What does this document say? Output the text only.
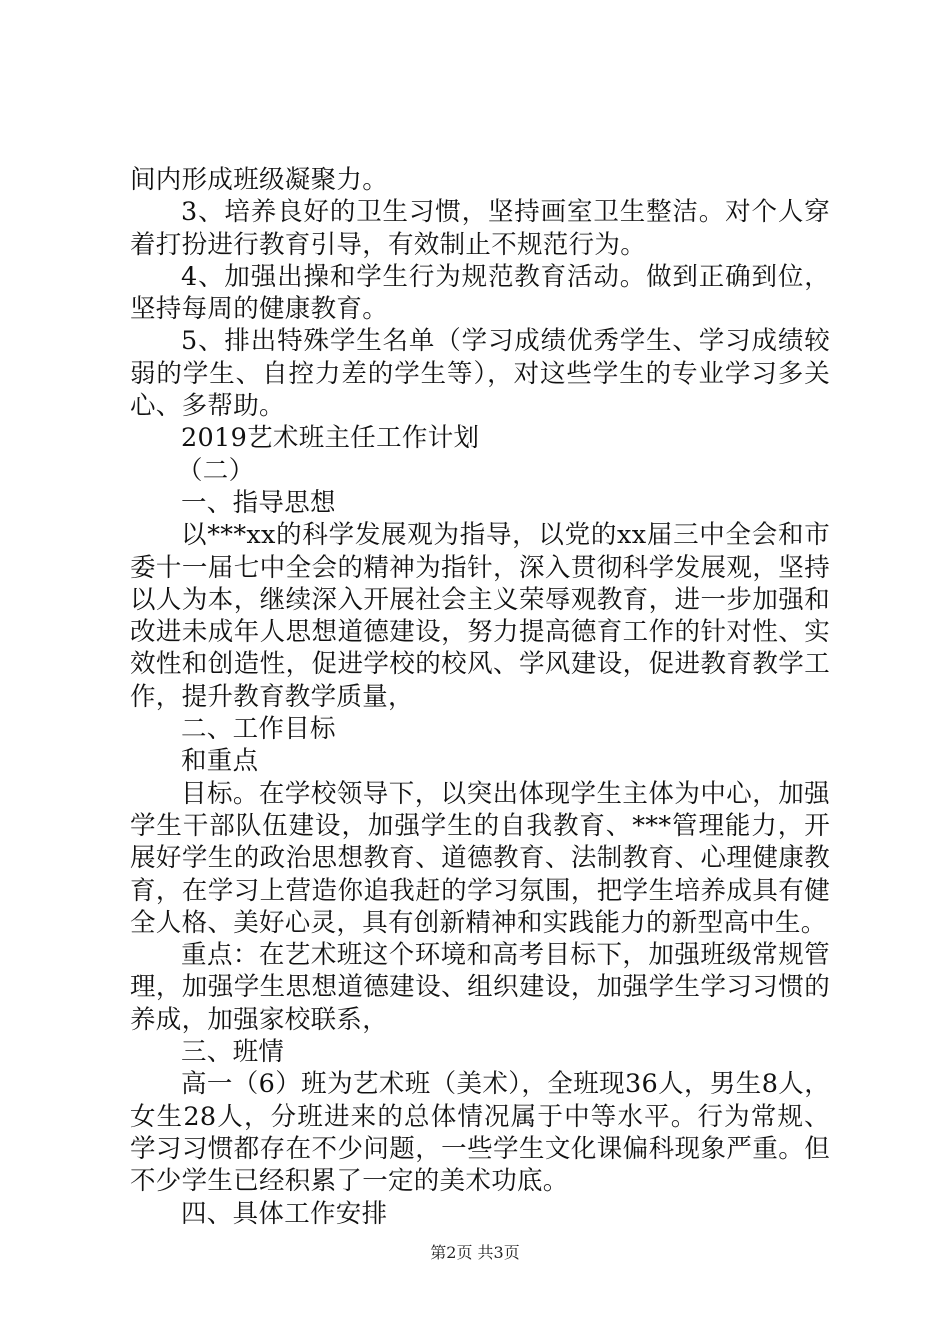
间内形成班级凝聚力。

3、培养良好的卫生习惯，坚持画室卫生整洁。对个人穿着打扮进行教育引导，有效制止不规范行为。

4、加强出操和学生行为规范教育活动。做到正确到位，坚持每周的健康教育。

5、排出特殊学生名单（学习成绩优秀学生、学习成绩较弱的学生、自控力差的学生等），对这些学生的专业学习多关心、多帮助。

2019艺术班主任工作计划

（二）

一、指导思想

以***xx的科学发展观为指导，以党的xx届三中全会和市委十一届七中全会的精神为指针，深入贯彻科学发展观，坚持以人为本，继续深入开展社会主义荣辱观教育，进一步加强和改进未成年人思想道德建设，努力提高德育工作的针对性、实效性和创造性，促进学校的校风、学风建设，促进教育教学工作，提升教育教学质量，

二、工作目标

和重点

目标。在学校领导下，以突出体现学生主体为中心，加强学生干部队伍建设，加强学生的自我教育、***管理能力，开展好学生的政治思想教育、道德教育、法制教育、心理健康教育，在学习上营造你追我赶的学习氛围，把学生培养成具有健全人格、美好心灵，具有创新精神和实践能力的新型高中生。

重点：在艺术班这个环境和高考目标下，加强班级常规管理，加强学生思想道德建设、组织建设，加强学生学习习惯的养成，加强家校联系，

三、班情

高一（6）班为艺术班（美术），全班现36人，男生8人，女生28人，分班进来的总体情况属于中等水平。行为常规、学习习惯都存在不少问题，一些学生文化课偏科现象严重。但不少学生已经积累了一定的美术功底。

四、具体工作安排

第2页 共3页
